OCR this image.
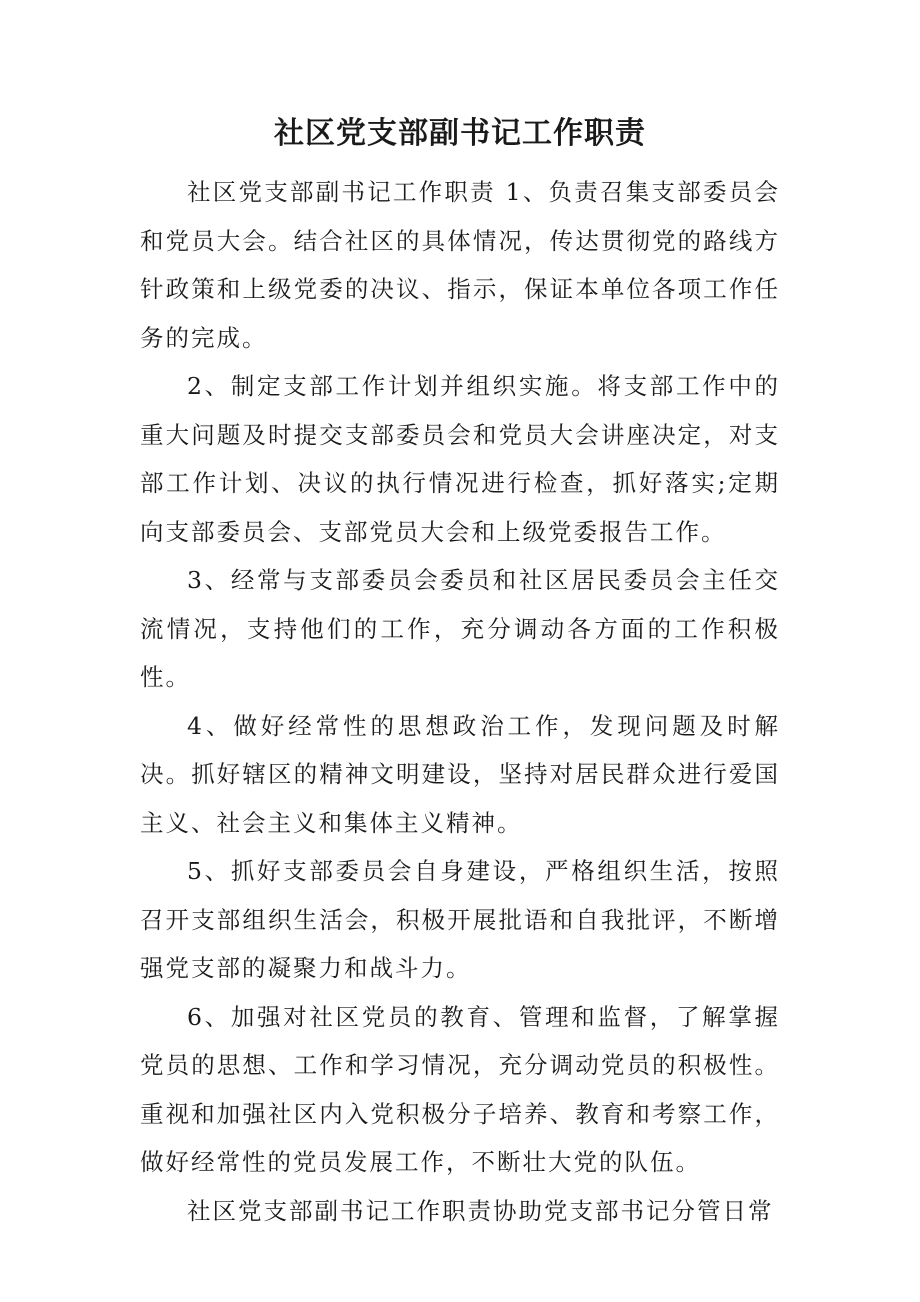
社区党支部副书记工作职责

社区党支部副书记工作职责 1、负责召集支部委员会和党员大会。结合社区的具体情况，传达贯彻党的路线方针政策和上级党委的决议、指示，保证本单位各项工作任务的完成。

2、制定支部工作计划并组织实施。将支部工作中的重大问题及时提交支部委员会和党员大会讲座决定，对支部工作计划、决议的执行情况进行检查，抓好落实;定期向支部委员会、支部党员大会和上级党委报告工作。

3、经常与支部委员会委员和社区居民委员会主任交流情况，支持他们的工作，充分调动各方面的工作积极性。

4、做好经常性的思想政治工作，发现问题及时解决。抓好辖区的精神文明建设，坚持对居民群众进行爱国主义、社会主义和集体主义精神。

5、抓好支部委员会自身建设，严格组织生活，按照召开支部组织生活会，积极开展批语和自我批评，不断增强党支部的凝聚力和战斗力。

6、加强对社区党员的教育、管理和监督，了解掌握党员的思想、工作和学习情况，充分调动党员的积极性。重视和加强社区内入党积极分子培养、教育和考察工作，做好经常性的党员发展工作，不断壮大党的队伍。

社区党支部副书记工作职责协助党支部书记分管日常
